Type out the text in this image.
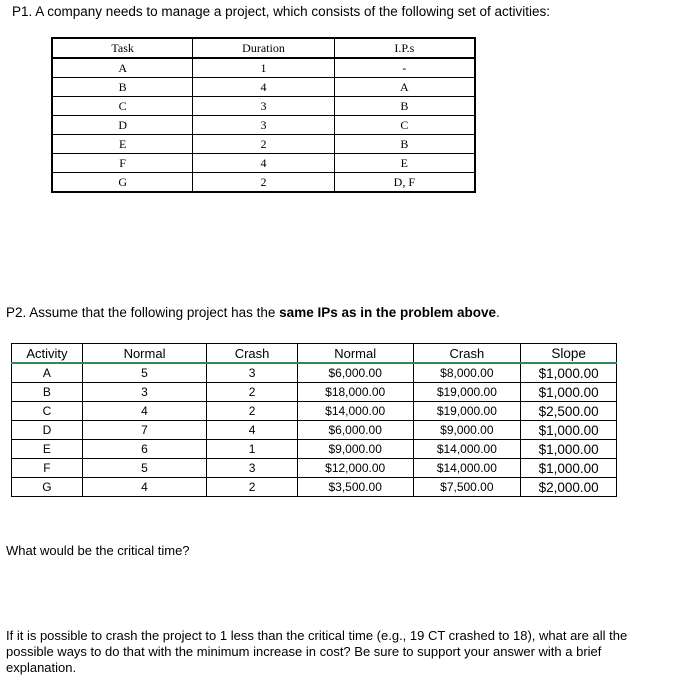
P1. A company needs to manage a project, which consists of the following set of activities:
Task	Duration	I.P.s
A	1	-
B	4	A
C	3	B
D	3	C
E	2	B
F	4	E
G	2	D, F
P2. Assume that the following project has the same IPs as in the problem above.
Activity	Normal	Crash	Normal	Crash	Slope
A	5	3	$6,000.00	$8,000.00	$1,000.00
B	3	2	$18,000.00	$19,000.00	$1,000.00
C	4	2	$14,000.00	$19,000.00	$2,500.00
D	7	4	$6,000.00	$9,000.00	$1,000.00
E	6	1	$9,000.00	$14,000.00	$1,000.00
F	5	3	$12,000.00	$14,000.00	$1,000.00
G	4	2	$3,500.00	$7,500.00	$2,000.00
What would be the critical time?
If it is possible to crash the project to 1 less than the critical time (e.g., 19 CT crashed to 18), what are all the possible ways to do that with the minimum increase in cost? Be sure to support your answer with a brief explanation.
